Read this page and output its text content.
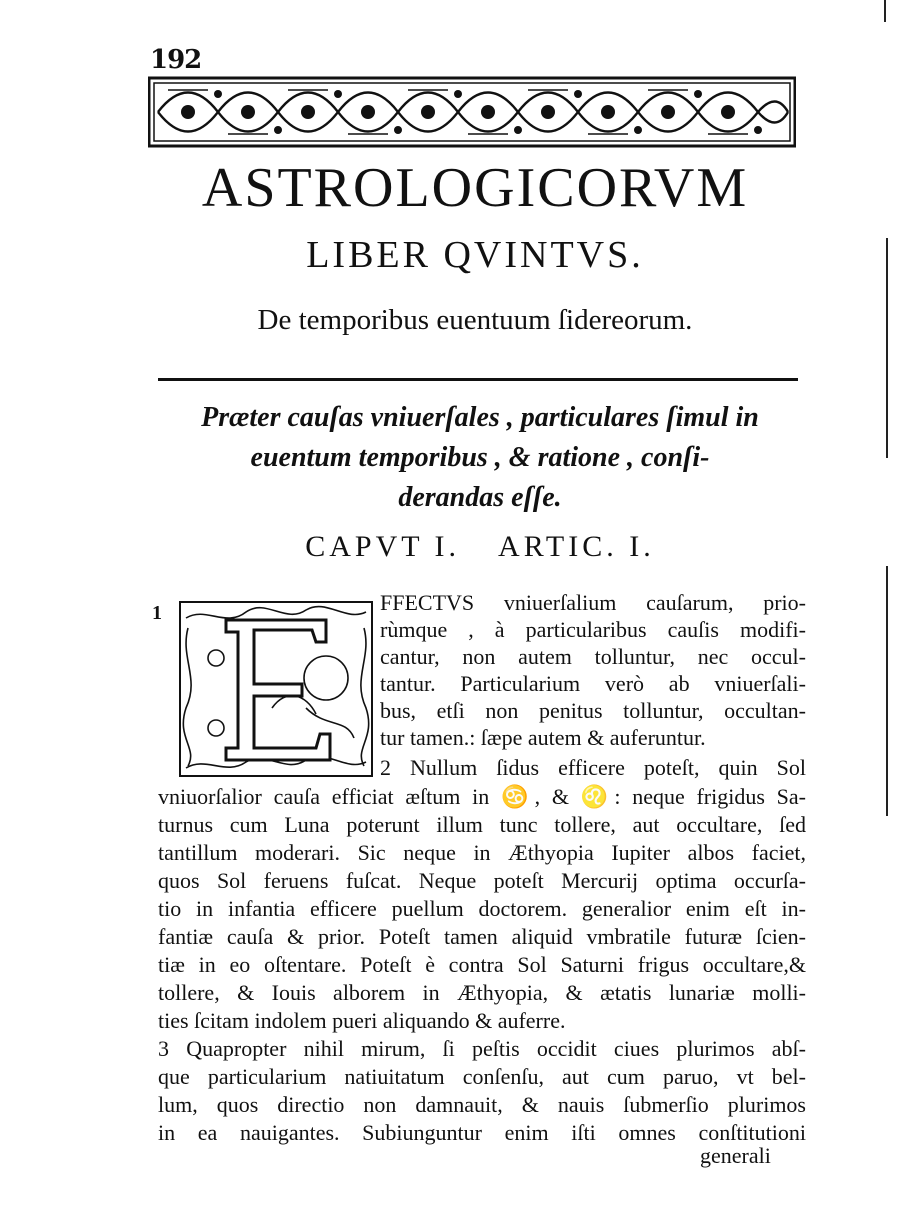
192
ASTROLOGICORVM
LIBER QVINTVS.
De temporibus euentuum ſidereorum.
Præter cauſas vniuerſales , particulares ſimul in
euentum temporibus , & ratione , conſi-
derandas eſſe.
CAPVT I. ARTIC. I.
1
E
FFECTVS vniuerſalium cauſarum, prio-
rùmque , à particularibus cauſis modifi-
cantur, non autem tolluntur, nec occul-
tantur. Particularium verò ab vniuerſali-
bus, etſi non penitus tolluntur, occultan-
tur tamen.: ſæpe autem & auferuntur.
2 Nullum ſidus efficere poteſt, quin Sol
vniuorſalior cauſa efficiat æſtum in ♋, & ♌: neque frigidus Sa-
turnus cum Luna poterunt illum tunc tollere, aut occultare, ſed
tantillum moderari. Sic neque in Æthyopia Iupiter albos faciet,
quos Sol feruens fuſcat. Neque poteſt Mercurij optima occurſa-
tio in infantia efficere puellum doctorem. generalior enim eſt in-
fantiæ cauſa & prior. Poteſt tamen aliquid vmbratile futuræ ſcien-
tiæ in eo oſtentare. Poteſt è contra Sol Saturni frigus occultare,&
tollere, & Iouis alborem in Æthyopia, & ætatis lunariæ molli-
ties ſcitam indolem pueri aliquando & auferre.
3 Quapropter nihil mirum, ſi peſtis occidit ciues plurimos abſ-
que particularium natiuitatum conſenſu, aut cum paruo, vt bel-
lum, quos directio non damnauit, & nauis ſubmerſio plurimos
in ea nauigantes. Subiunguntur enim iſti omnes conſtitutioni
generali
